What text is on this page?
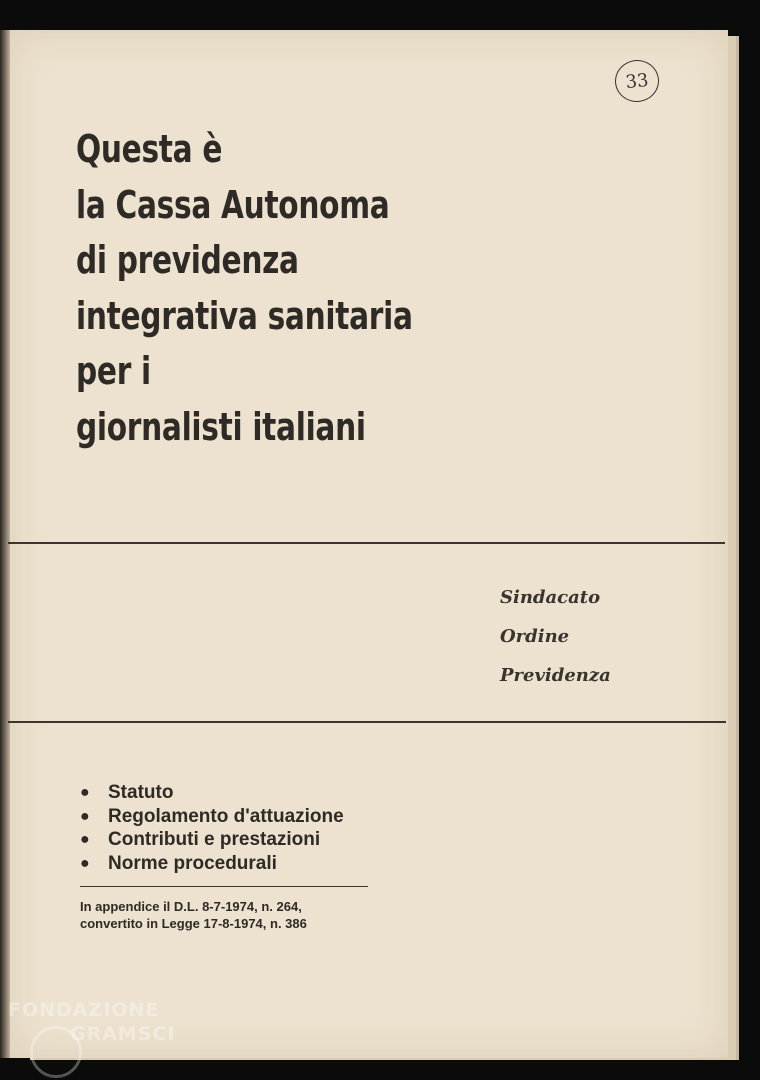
33
Questa è
la Cassa Autonoma
di previdenza
integrativa sanitaria
per i
giornalisti italiani
Sindacato
Ordine
Previdenza
● Statuto
● Regolamento d'attuazione
● Contributi e prestazioni
● Norme procedurali
In appendice il D.L. 8-7-1974, n. 264,
convertito in Legge 17-8-1974, n. 386
FONDAZIONE
GRAMSCI
